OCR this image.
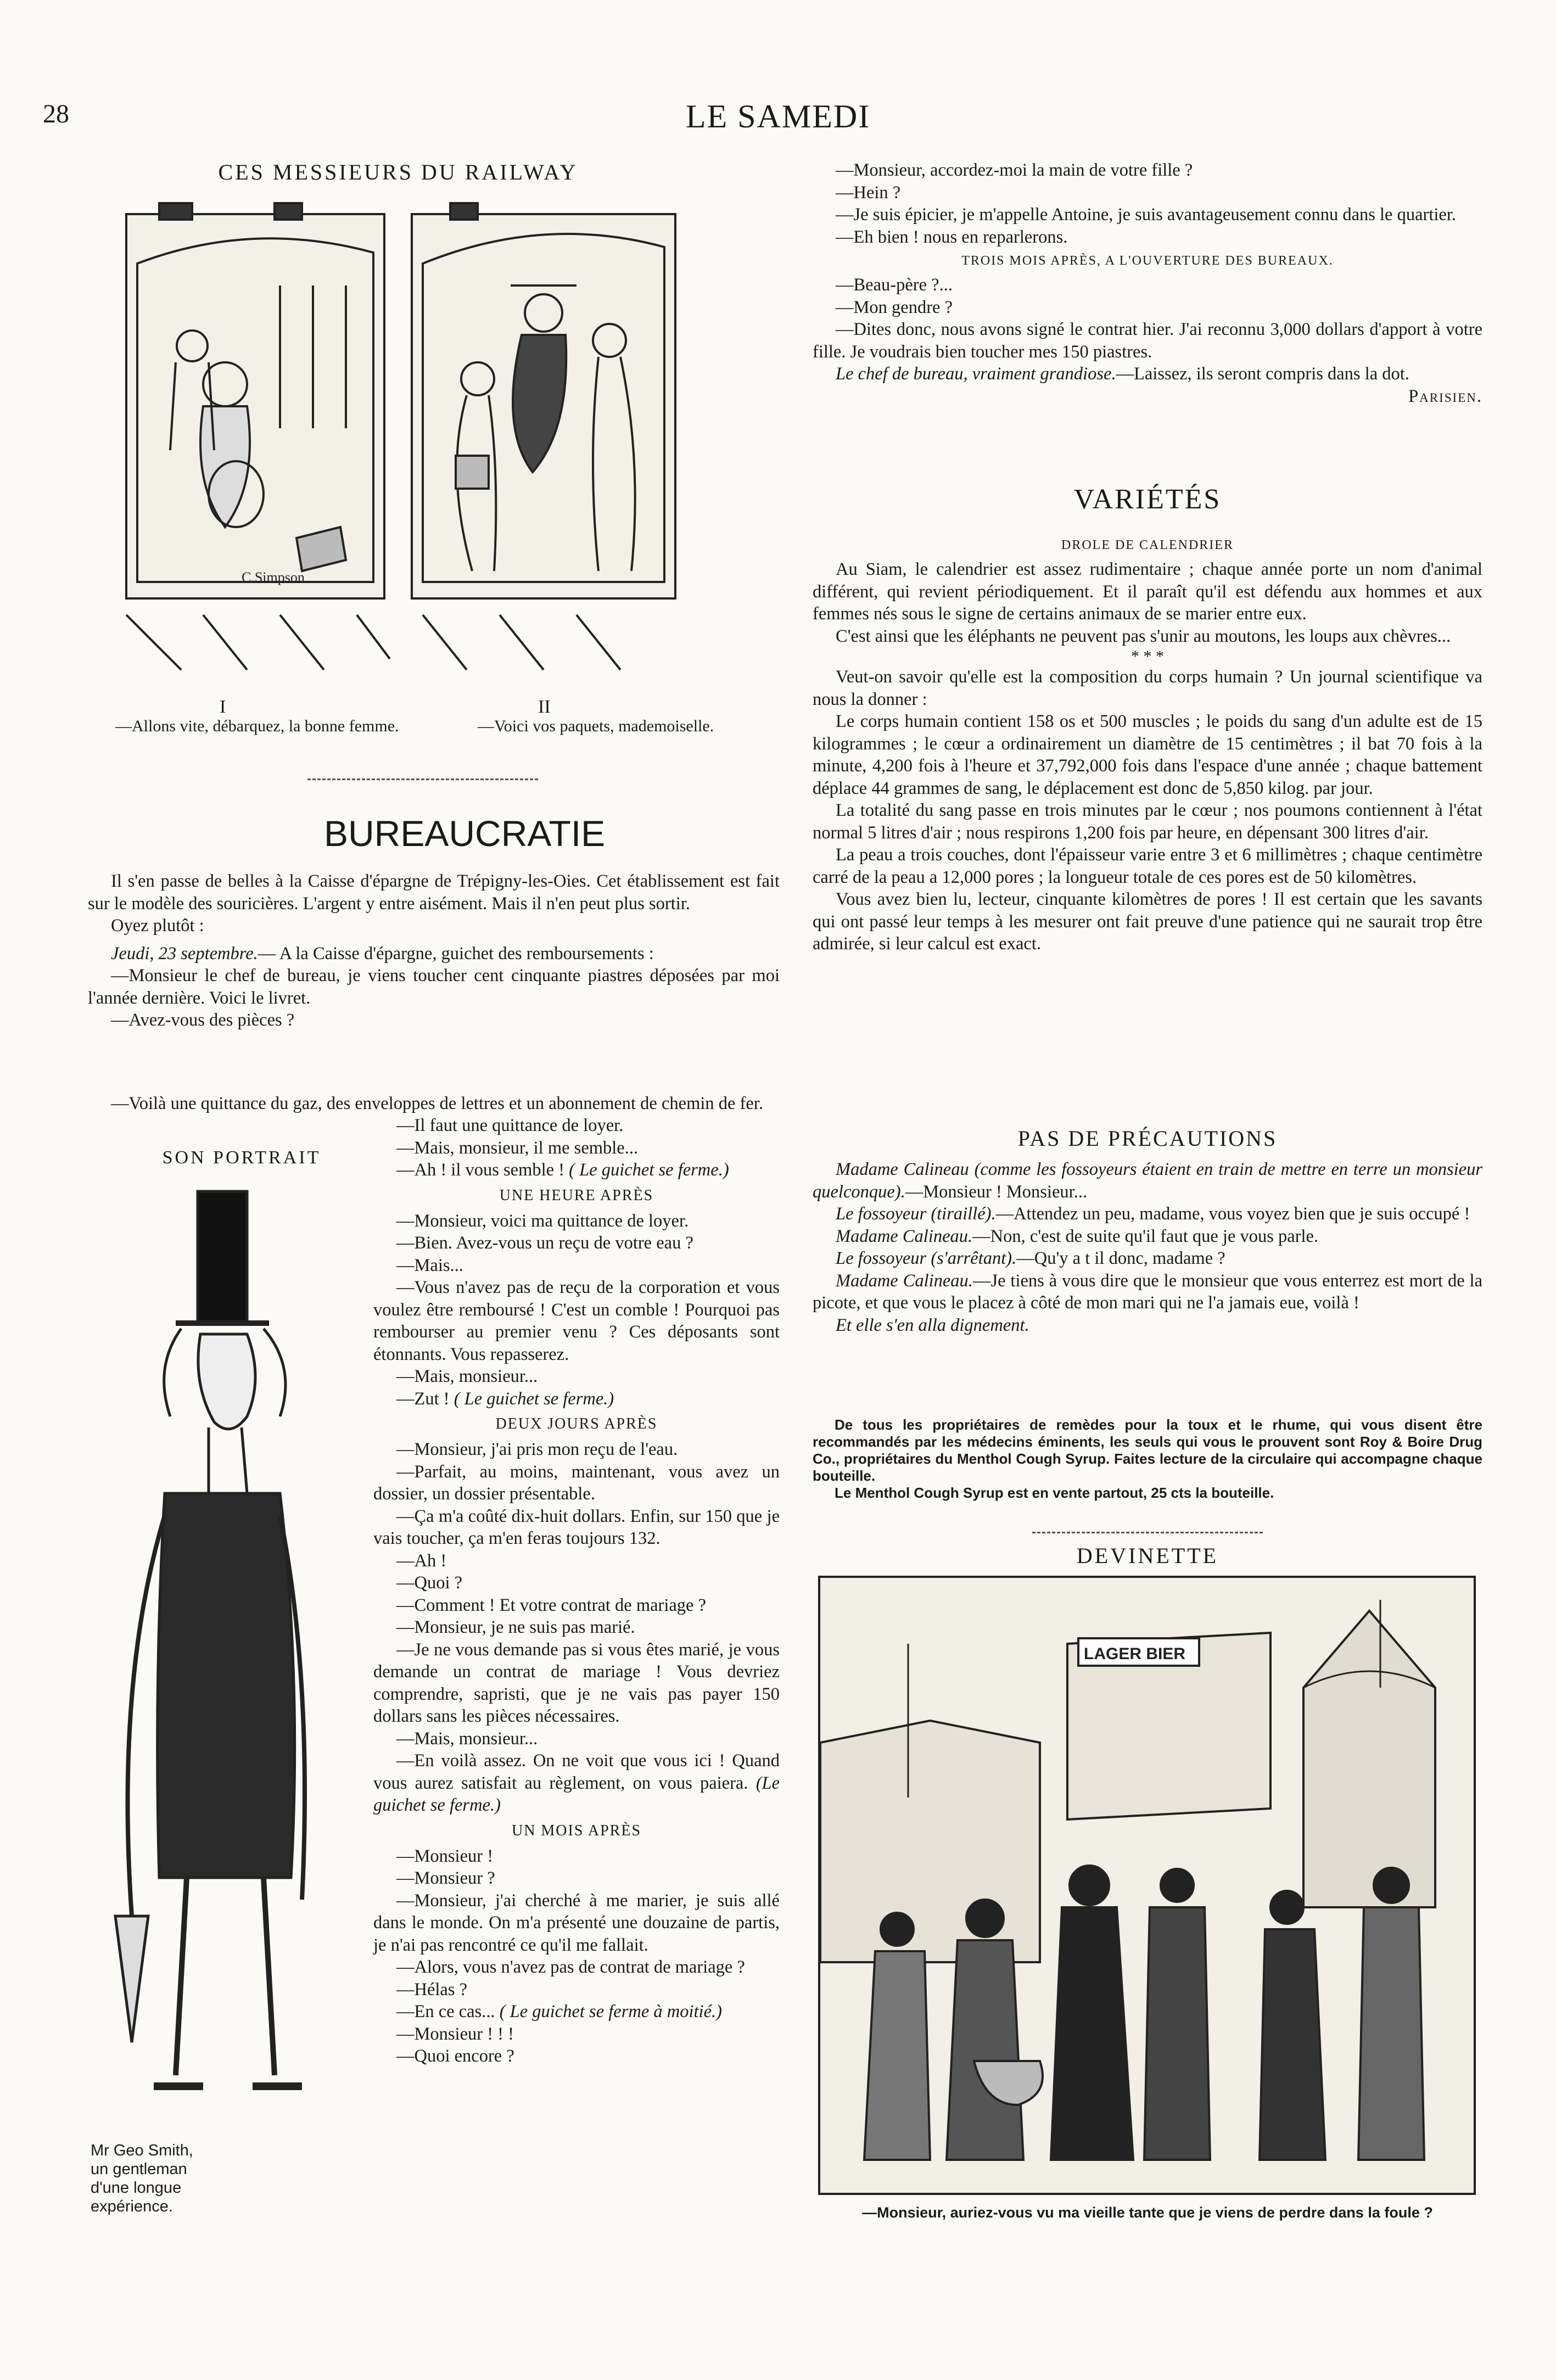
28	LE SAMEDI
CES MESSIEURS DU RAILWAY
C.Simpson
I
—Allons vite, débarquez, la bonne femme.
II
—Voici vos paquets, mademoiselle.
BUREAUCRATIE

Il s'en passe de belles à la Caisse d'épargne de Trépigny-les-Oies. Cet établissement est fait sur le modèle des souricières. L'argent y entre aisément. Mais il n'en peut plus sortir.

Oyez plutôt :

Jeudi, 23 septembre.— A la Caisse d'épargne, guichet des remboursements :

—Monsieur le chef de bureau, je viens toucher cent cinquante piastres déposées par moi l'année dernière. Voici le livret.

—Avez-vous des pièces ?

—Voilà une quittance du gaz, des enveloppes de lettres et un abonnement de chemin de fer.

SON PORTRAIT
Mr Geo Smith, un gentleman d'une longue expérience.

—Il faut une quittance de loyer.

—Mais, monsieur, il me semble...

—Ah ! il vous semble ! ( Le guichet se ferme.)

UNE HEURE APRÈS

—Monsieur, voici ma quittance de loyer.

—Bien. Avez-vous un reçu de votre eau ?

—Mais...

—Vous n'avez pas de reçu de la corporation et vous voulez être remboursé ! C'est un comble ! Pourquoi pas rembourser au premier venu ? Ces déposants sont étonnants. Vous repasserez.

—Mais, monsieur...

—Zut ! ( Le guichet se ferme.)

DEUX JOURS APRÈS

—Monsieur, j'ai pris mon reçu de l'eau.

—Parfait, au moins, maintenant, vous avez un dossier, un dossier présentable.

—Ça m'a coûté dix-huit dollars. Enfin, sur 150 que je vais toucher, ça m'en feras toujours 132.

—Ah !

—Quoi ?

—Comment ! Et votre contrat de mariage ?

—Monsieur, je ne suis pas marié.

—Je ne vous demande pas si vous êtes marié, je vous demande un contrat de mariage ! Vous devriez comprendre, sapristi, que je ne vais pas payer 150 dollars sans les pièces nécessaires.

—Mais, monsieur...

—En voilà assez. On ne voit que vous ici ! Quand vous aurez satisfait au règlement, on vous paiera. (Le guichet se ferme.)

UN MOIS APRÈS

—Monsieur !

—Monsieur ?

—Monsieur, j'ai cherché à me marier, je suis allé dans le monde. On m'a présenté une douzaine de partis, je n'ai pas rencontré ce qu'il me fallait.

—Alors, vous n'avez pas de contrat de mariage ?

—Hélas ?

—En ce cas... ( Le guichet se ferme à moitié.)

—Monsieur ! ! !

—Quoi encore ?

—Monsieur, accordez-moi la main de votre fille ?

—Hein ?

—Je suis épicier, je m'appelle Antoine, je suis avantageusement connu dans le quartier.

—Eh bien ! nous en reparlerons.

TROIS MOIS APRÈS, A L'OUVERTURE DES BUREAUX.

—Beau-père ?...

—Mon gendre ?

—Dites donc, nous avons signé le contrat hier. J'ai reconnu 3,000 dollars d'apport à votre fille. Je voudrais bien toucher mes 150 piastres.

Le chef de bureau, vraiment grandiose.—Laissez, ils seront compris dans la dot.

Parisien.
VARIÉTÉS
DROLE DE CALENDRIER

Au Siam, le calendrier est assez rudimentaire ; chaque année porte un nom d'animal différent, qui revient périodiquement. Et il paraît qu'il est défendu aux hommes et aux femmes nés sous le signe de certains animaux de se marier entre eux.

C'est ainsi que les éléphants ne peuvent pas s'unir au moutons, les loups aux chèvres...

* * *

Veut-on savoir qu'elle est la composition du corps humain ? Un journal scientifique va nous la donner :

Le corps humain contient 158 os et 500 muscles ; le poids du sang d'un adulte est de 15 kilogrammes ; le cœur a ordinairement un diamètre de 15 centimètres ; il bat 70 fois à la minute, 4,200 fois à l'heure et 37,792,000 fois dans l'espace d'une année ; chaque battement déplace 44 grammes de sang, le déplacement est donc de 5,850 kilog. par jour.

La totalité du sang passe en trois minutes par le cœur ; nos poumons contiennent à l'état normal 5 litres d'air ; nous respirons 1,200 fois par heure, en dépensant 300 litres d'air.

La peau a trois couches, dont l'épaisseur varie entre 3 et 6 millimètres ; chaque centimètre carré de la peau a 12,000 pores ; la longueur totale de ces pores est de 50 kilomètres.

Vous avez bien lu, lecteur, cinquante kilomètres de pores ! Il est certain que les savants qui ont passé leur temps à les mesurer ont fait preuve d'une patience qui ne saurait trop être admirée, si leur calcul est exact.

PAS DE PRÉCAUTIONS

Madame Calineau (comme les fossoyeurs étaient en train de mettre en terre un monsieur quelconque).—Monsieur ! Monsieur...

Le fossoyeur (tiraillé).—Attendez un peu, madame, vous voyez bien que je suis occupé !

Madame Calineau.—Non, c'est de suite qu'il faut que je vous parle.

Le fossoyeur (s'arrêtant).—Qu'y a t il donc, madame ?

Madame Calineau.—Je tiens à vous dire que le monsieur que vous enterrez est mort de la picote, et que vous le placez à côté de mon mari qui ne l'a jamais eue, voilà !

Et elle s'en alla dignement.

De tous les propriétaires de remèdes pour la toux et le rhume, qui vous disent être recommandés par les médecins éminents, les seuls qui vous le prouvent sont Roy & Boire Drug Co., propriétaires du Menthol Cough Syrup. Faites lecture de la circulaire qui accompagne chaque bouteille.

Le Menthol Cough Syrup est en vente partout, 25 cts la bouteille.

DEVINETTE
LAGER BIER
—Monsieur, auriez-vous vu ma vieille tante que je viens de perdre dans la foule ?
